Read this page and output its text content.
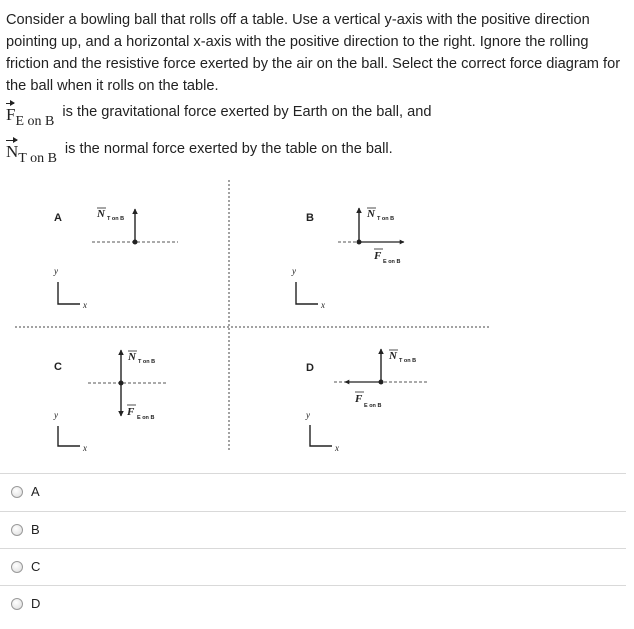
Consider a bowling ball that rolls off a table. Use a vertical y-axis with the positive direction pointing up, and a horizontal x-axis with the positive direction to the right. Ignore the rolling friction and the resistive force exerted by the air on the ball. Select the correct force diagram for the ball when it rolls on the table.

$F_{E on B}is$ the gravitational force exerted by Earth on the ball, and
$N_{T on B}is$ the normal force exerted by the table on the ball.
A	N T on B
y
x
B	N T on B
F E on B
y
x
C
N T on B
F E on B
y
x
D
N T on B
F
E on B
y
x
A
B
C
D
